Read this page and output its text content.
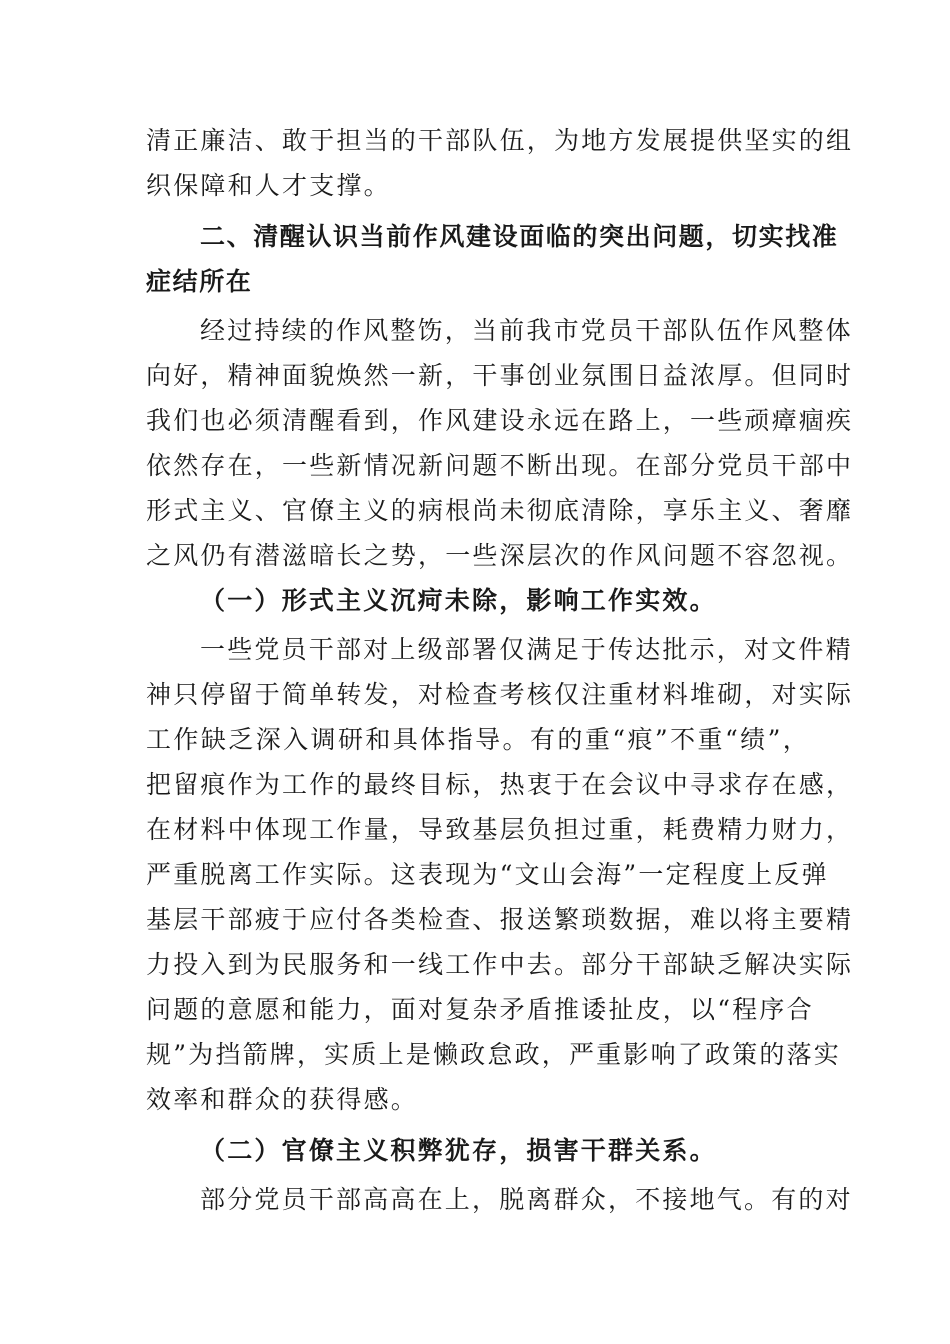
清正廉洁、敢于担当的干部队伍，为地方发展提供坚实的组
织保障和人才支撑。
二、清醒认识当前作风建设面临的突出问题，切实找准
症结所在
经过持续的作风整饬，当前我市党员干部队伍作风整体
向好，精神面貌焕然一新，干事创业氛围日益浓厚。但同时
我们也必须清醒看到，作风建设永远在路上，一些顽瘴痼疾
依然存在，一些新情况新问题不断出现。在部分党员干部中
形式主义、官僚主义的病根尚未彻底清除，享乐主义、奢靡
之风仍有潜滋暗长之势，一些深层次的作风问题不容忽视。
（一）形式主义沉疴未除，影响工作实效。
一些党员干部对上级部署仅满足于传达批示，对文件精
神只停留于简单转发，对检查考核仅注重材料堆砌，对实际
工作缺乏深入调研和具体指导。有的重“痕”不重“绩”，
把留痕作为工作的最终目标，热衷于在会议中寻求存在感，
在材料中体现工作量，导致基层负担过重，耗费精力财力，
严重脱离工作实际。这表现为“文山会海”一定程度上反弹
基层干部疲于应付各类检查、报送繁琐数据，难以将主要精
力投入到为民服务和一线工作中去。部分干部缺乏解决实际
问题的意愿和能力，面对复杂矛盾推诿扯皮，以“程序合
规”为挡箭牌，实质上是懒政怠政，严重影响了政策的落实
效率和群众的获得感。
（二）官僚主义积弊犹存，损害干群关系。
部分党员干部高高在上，脱离群众，不接地气。有的对
